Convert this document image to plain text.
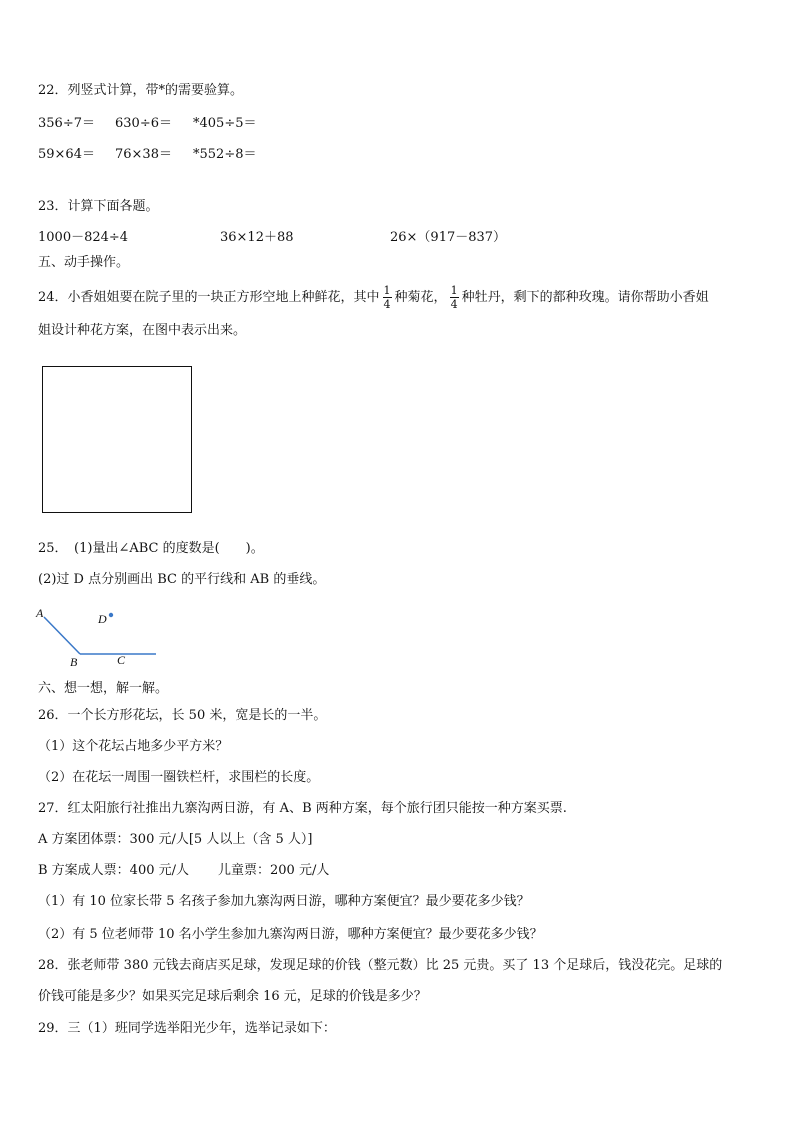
22．列竖式计算，带*的需要验算。
356÷7＝ 630÷6＝ *405÷5＝
59×64＝ 76×38＝ *552÷8＝
23．计算下面各题。
1000－824÷4	36×12＋88	26×（917－837）
五、动手操作。
24．小香姐姐要在院子里的一块正方形空地上种鲜花，其中 $\frac{1}{4}$ 种菊花， $\frac{1}{4}$ 种牡丹，剩下的都种玫瑰。请你帮助小香姐
姐设计种花方案，在图中表示出来。
25．　(1)量出∠ABC 的度数是(　　)。
(2)过 D 点分别画出 BC 的平行线和 AB 的垂线。
A
B	C
D
六、想一想，解一解。
26．一个长方形花坛，长 50 米，宽是长的一半。
（1）这个花坛占地多少平方米？
（2）在花坛一周围一圈铁栏杆，求围栏的长度。
27．红太阳旅行社推出九寨沟两日游，有 A、B 两种方案，每个旅行团只能按一种方案买票.
A 方案团体票：300 元/人[5 人以上（含 5 人）]
B 方案成人票：400 元/人 儿童票：200 元/人
（1）有 10 位家长带 5 名孩子参加九寨沟两日游，哪种方案便宜？最少要花多少钱？
（2）有 5 位老师带 10 名小学生参加九寨沟两日游，哪种方案便宜？最少要花多少钱？
28．张老师带 380 元钱去商店买足球，发现足球的价钱（整元数）比 25 元贵。买了 13 个足球后，钱没花完。足球的
价钱可能是多少？如果买完足球后剩余 16 元，足球的价钱是多少？
29．三（1）班同学选举阳光少年，选举记录如下：
